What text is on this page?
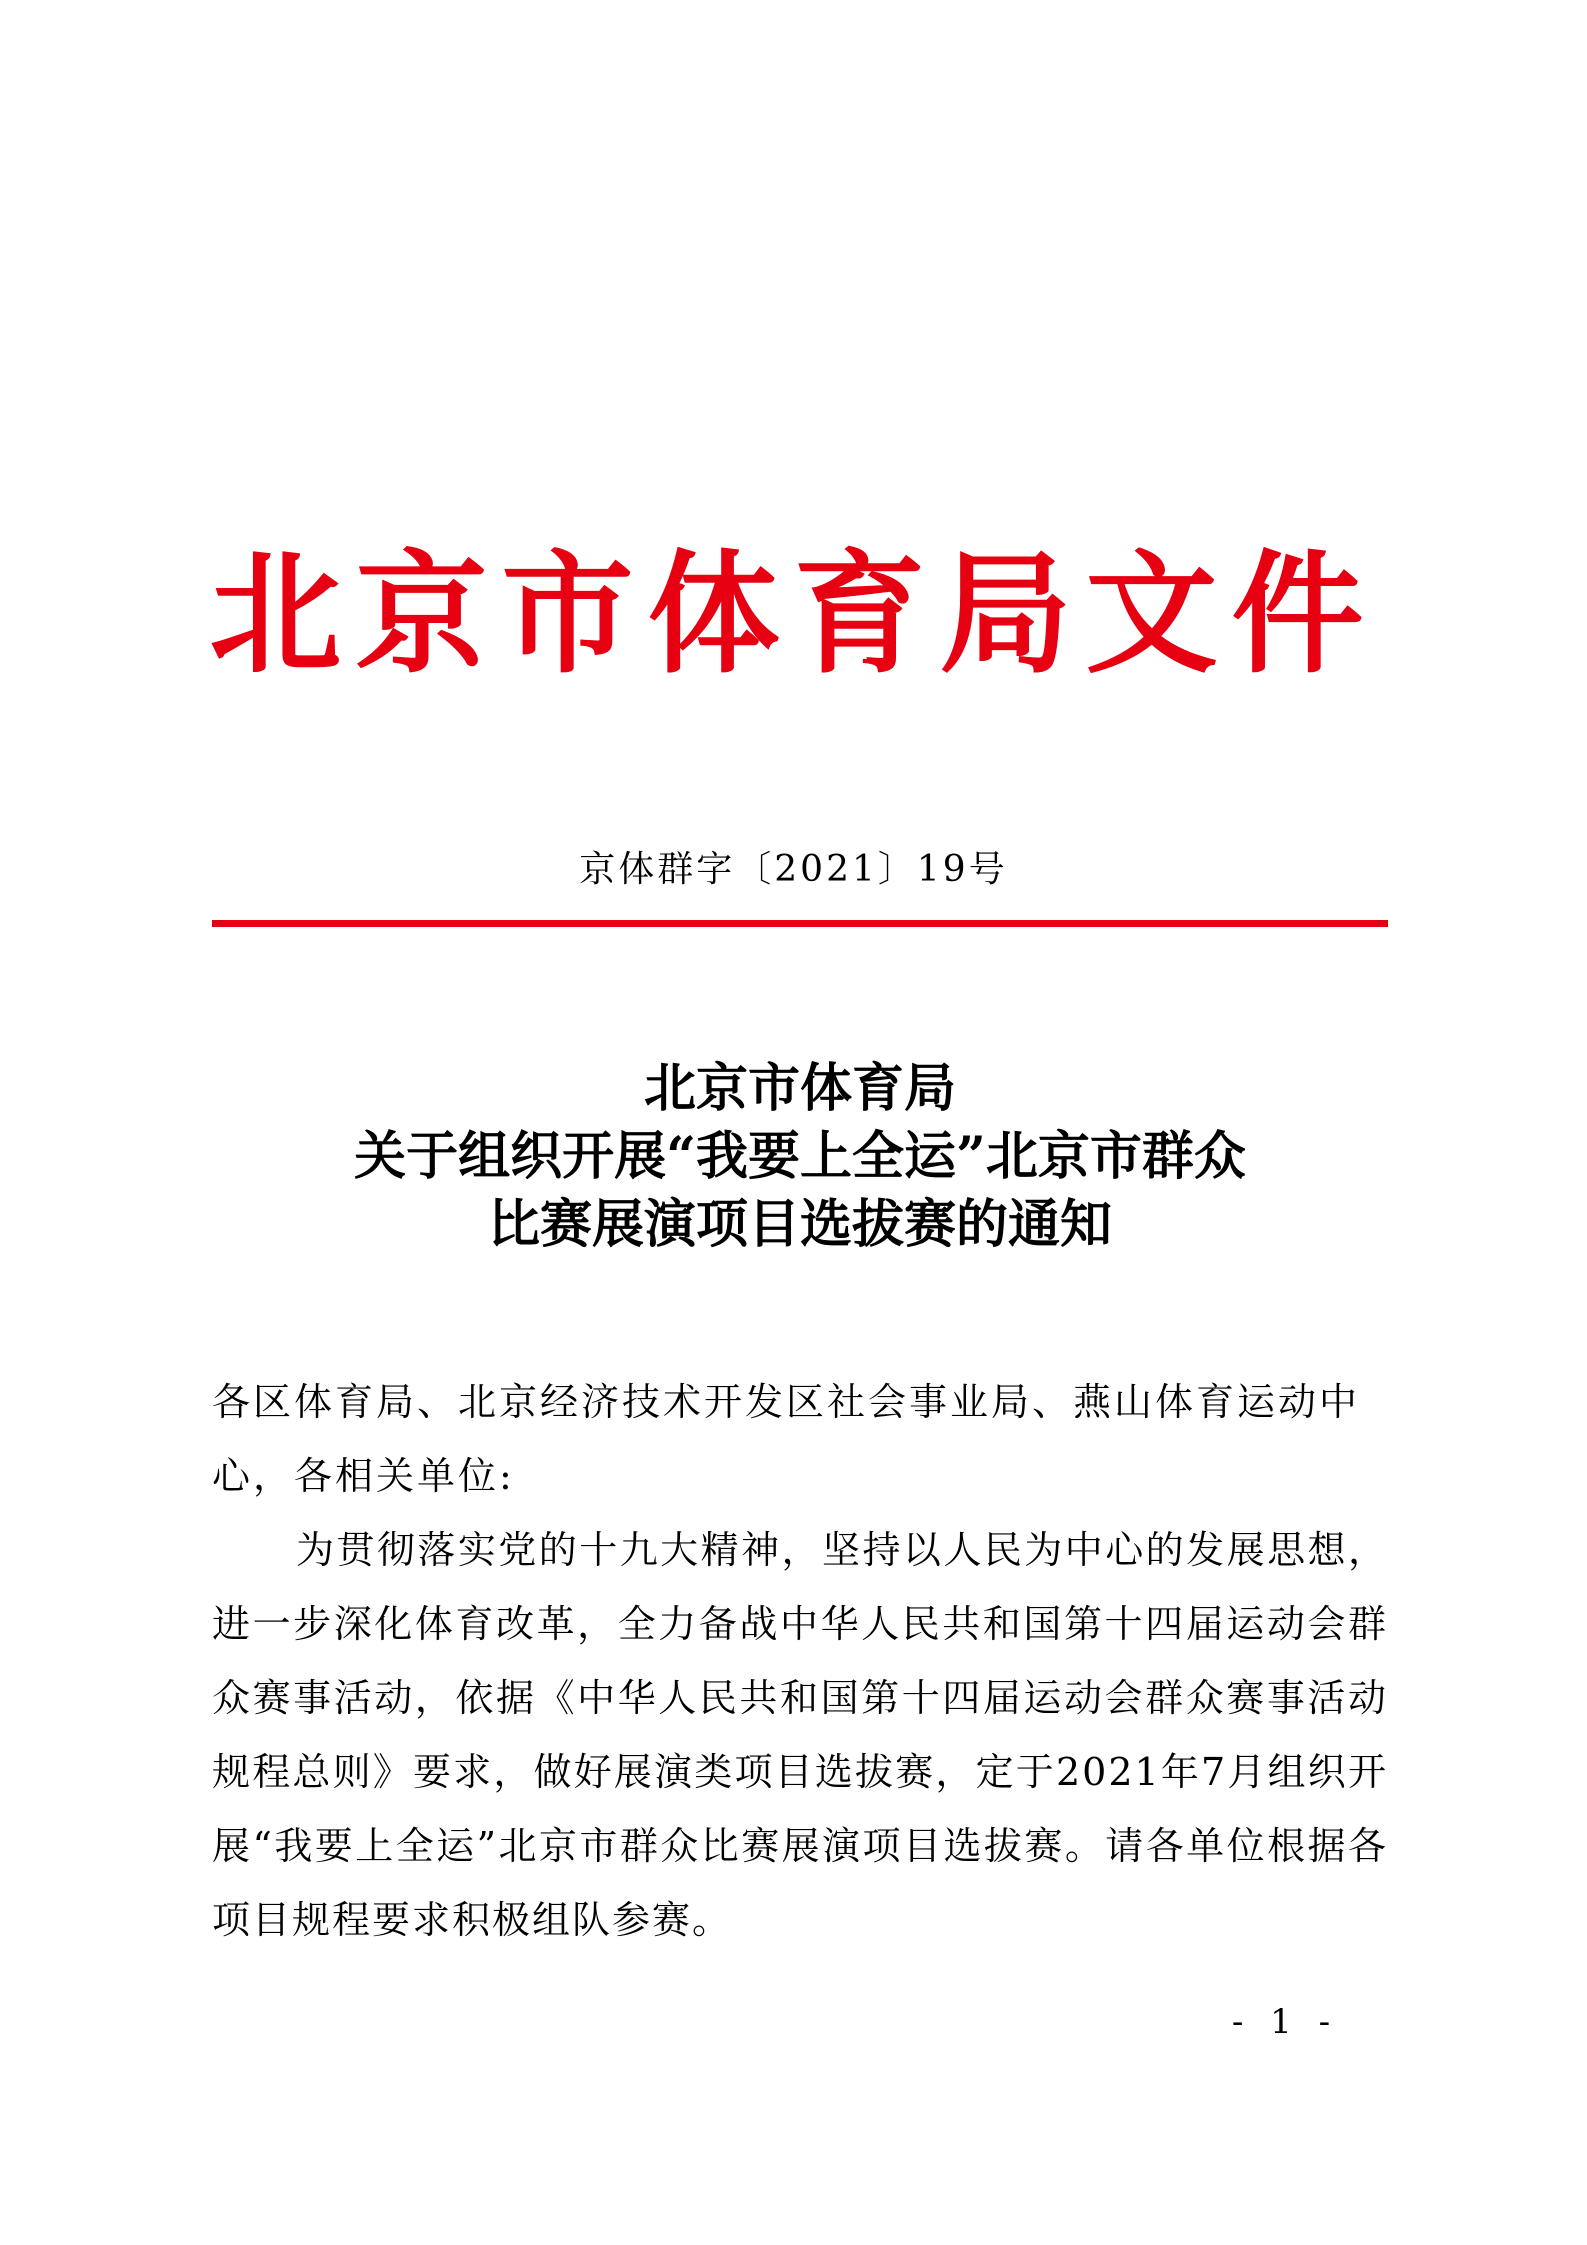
北京市体育局文件
京体群字〔2021〕19号
北京市体育局
关于组织开展“我要上全运”北京市群众
比赛展演项目选拔赛的通知

各区体育局、北京经济技术开发区社会事业局、燕山体育运动中心，各相关单位:

为贯彻落实党的十九大精神，坚持以人民为中心的发展思想，进一步深化体育改革，全力备战中华人民共和国第十四届运动会群众赛事活动，依据《中华人民共和国第十四届运动会群众赛事活动规程总则》要求，做好展演类项目选拔赛，定于2021年7月组织开展“我要上全运”北京市群众比赛展演项目选拔赛。请各单位根据各项目规程要求积极组队参赛。

- 1 -
